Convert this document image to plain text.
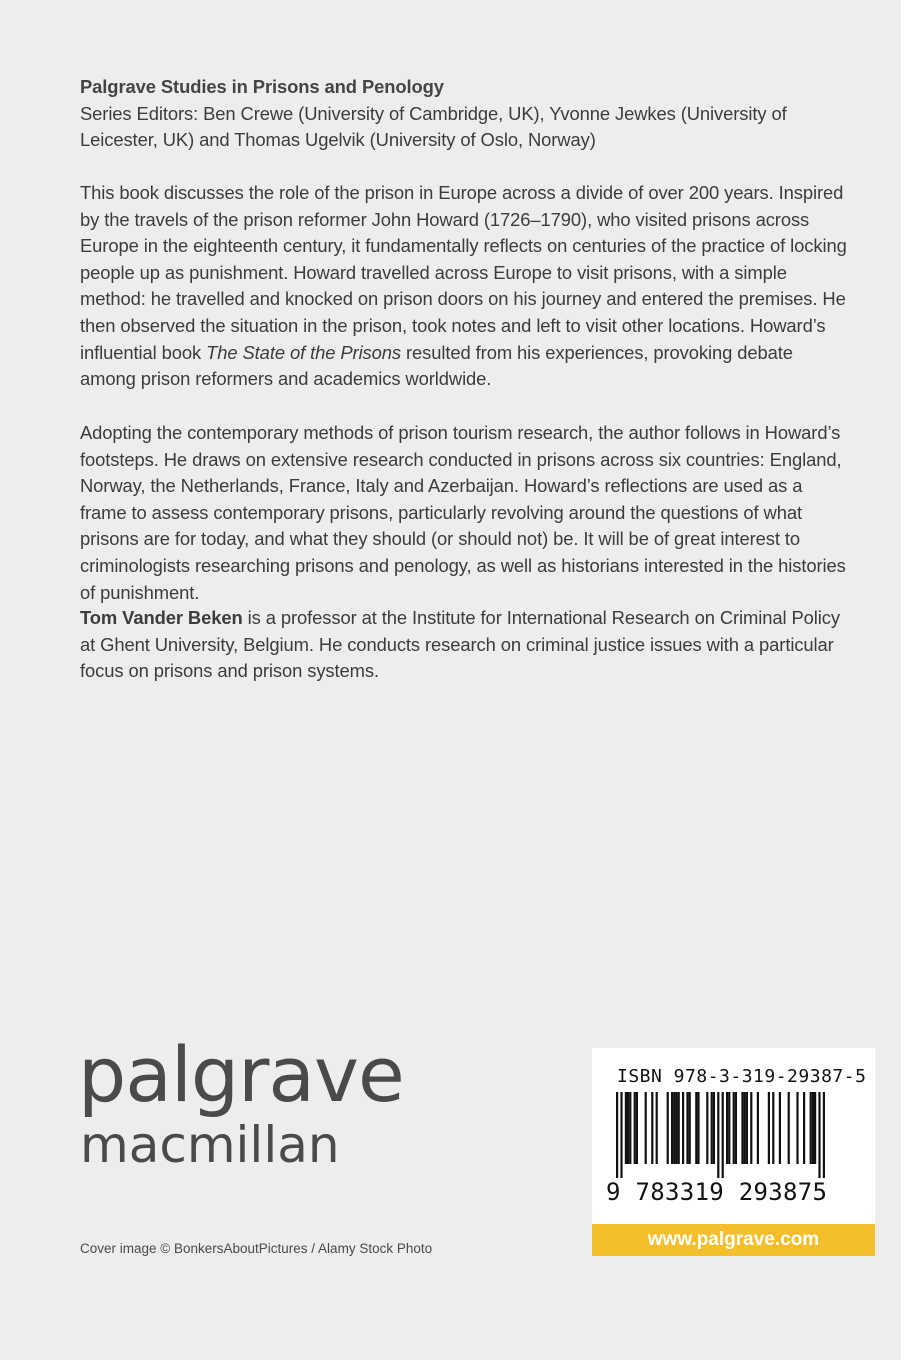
Palgrave Studies in Prisons and Penology

Series Editors: Ben Crewe (University of Cambridge, UK), Yvonne Jewkes (University of Leicester, UK) and Thomas Ugelvik (University of Oslo, Norway)

This book discusses the role of the prison in Europe across a divide of over 200 years. Inspired by the travels of the prison reformer John Howard (1726–1790), who visited prisons across Europe in the eighteenth century, it fundamentally reflects on centuries of the practice of locking people up as punishment. Howard travelled across Europe to visit prisons, with a simple method: he travelled and knocked on prison doors on his journey and entered the premises. He then observed the situation in the prison, took notes and left to visit other locations. Howard’s influential book The State of the Prisons resulted from his experiences, provoking debate among prison reformers and academics worldwide.

Adopting the contemporary methods of prison tourism research, the author follows in Howard’s footsteps. He draws on extensive research conducted in prisons across six countries: England, Norway, the Netherlands, France, Italy and Azerbaijan. Howard’s reflections are used as a frame to assess contemporary prisons, particularly revolving around the questions of what prisons are for today, and what they should (or should not) be. It will be of great interest to criminologists researching prisons and penology, as well as historians interested in the histories of punishment.

Tom Vander Beken is a professor at the Institute for International Research on Criminal Policy at Ghent University, Belgium. He conducts research on criminal justice issues with a particular focus on prisons and prison systems.

palgrave
macmillan
Cover image © BonkersAboutPictures / Alamy Stock Photo
ISBN 978-3-319-29387-5
9 783319 293875
www.palgrave.com
